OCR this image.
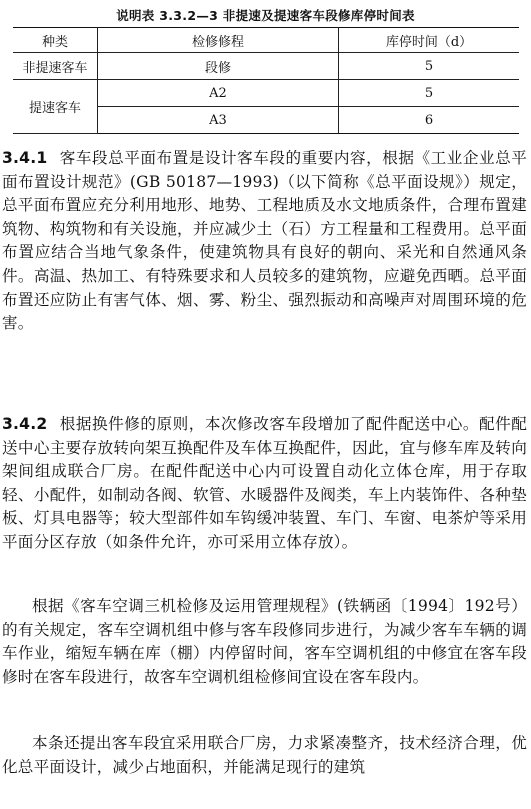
说明表 3.3.2—3 非提速及提速客车段修库停时间表
种类	检修修程	库停时间（d）
非提速客车	段修	5
提速客车	A2	5
	A3	6

3.4.1 客车段总平面布置是设计客车段的重要内容，根据《工业企业总平面布置设计规范》(GB 50187—1993)（以下简称《总平面设规》）规定，总平面布置应充分利用地形、地势、工程地质及水文地质条件，合理布置建筑物、构筑物和有关设施，并应减少土（石）方工程量和工程费用。总平面布置应结合当地气象条件，使建筑物具有良好的朝向、采光和自然通风条件。高温、热加工、有特殊要求和人员较多的建筑物，应避免西晒。总平面布置还应防止有害气体、烟、雾、粉尘、强烈振动和高噪声对周围环境的危害。

3.4.2 根据换件修的原则，本次修改客车段增加了配件配送中心。配件配送中心主要存放转向架互换配件及车体互换配件，因此，宜与修车库及转向架间组成联合厂房。在配件配送中心内可设置自动化立体仓库，用于存取轻、小配件，如制动各阀、软管、水暖器件及阀类，车上内装饰件、各种垫板、灯具电器等；较大型部件如车钩缓冲装置、车门、车窗、电茶炉等采用平面分区存放（如条件允许，亦可采用立体存放）。

根据《客车空调三机检修及运用管理规程》(铁辆函〔1994〕192号）的有关规定，客车空调机组中修与客车段修同步进行，为减少客车车辆的调车作业，缩短车辆在库（棚）内停留时间，客车空调机组的中修宜在客车段修时在客车段进行，故客车空调机组检修间宜设在客车段内。

本条还提出客车段宜采用联合厂房，力求紧凑整齐，技术经济合理，优化总平面设计，减少占地面积，并能满足现行的建筑
